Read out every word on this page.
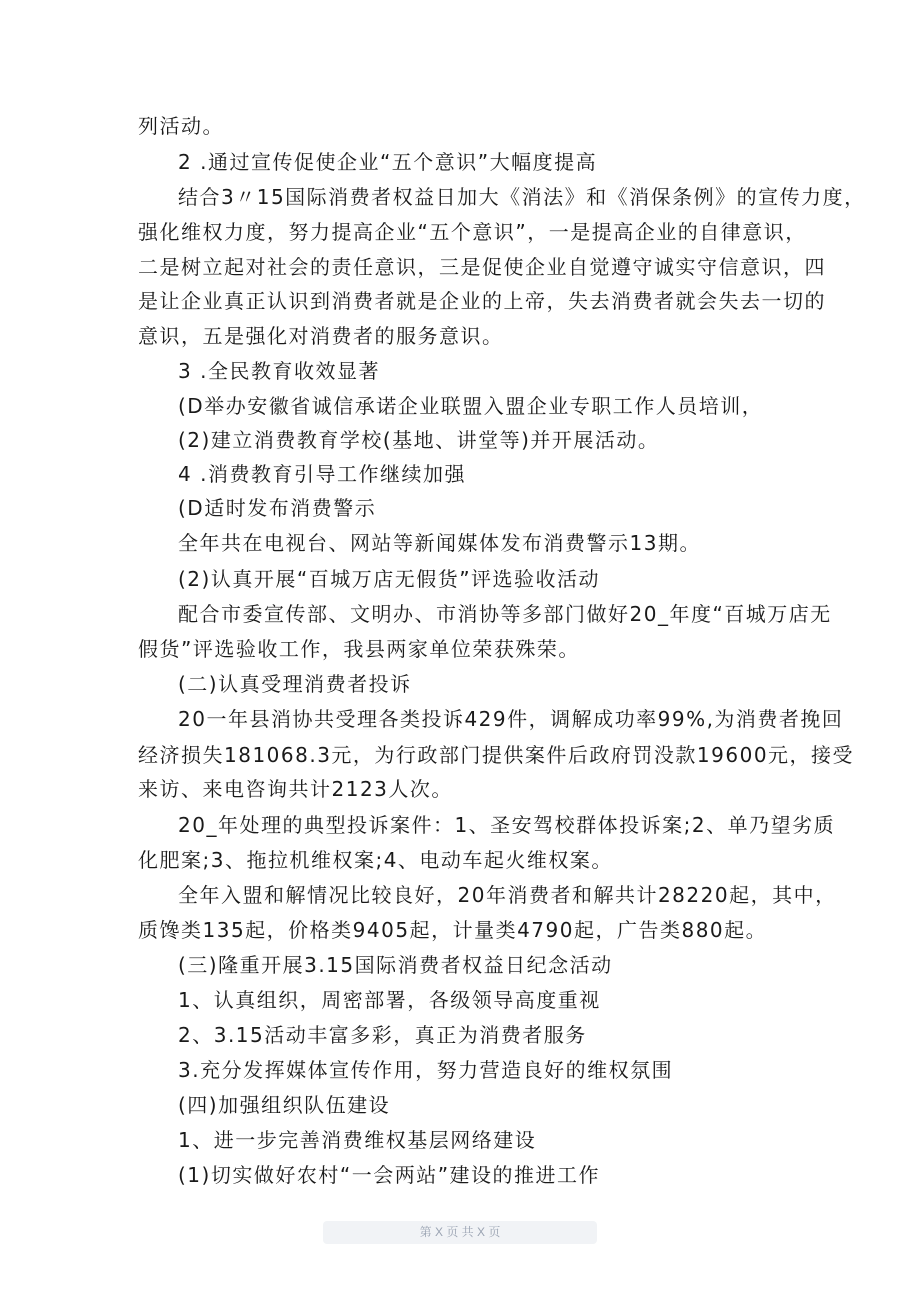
列活动。
2 .通过宣传促使企业“五个意识”大幅度提高
结合3〃15国际消费者权益日加大《消法》和《消保条例》的宣传力度，
强化维权力度，努力提高企业“五个意识”，一是提高企业的自律意识，
二是树立起对社会的责任意识，三是促使企业自觉遵守诚实守信意识，四
是让企业真正认识到消费者就是企业的上帝，失去消费者就会失去一切的
意识，五是强化对消费者的服务意识。
3 .全民教育收效显著
(D举办安徽省诚信承诺企业联盟入盟企业专职工作人员培训，
(2)建立消费教育学校(基地、讲堂等)并开展活动。
4 .消费教育引导工作继续加强
(D适时发布消费警示
全年共在电视台、网站等新闻媒体发布消费警示13期。
(2)认真开展“百城万店无假货”评选验收活动
配合市委宣传部、文明办、市消协等多部门做好20_年度“百城万店无
假货”评选验收工作，我县两家单位荣获殊荣。
(二)认真受理消费者投诉
20一年县消协共受理各类投诉429件，调解成功率99%,为消费者挽回
经济损失181068.3元，为行政部门提供案件后政府罚没款19600元，接受
来访、来电咨询共计2123人次。
20_年处理的典型投诉案件：1、圣安驾校群体投诉案;2、单乃望劣质
化肥案;3、拖拉机维权案;4、电动车起火维权案。
全年入盟和解情况比较良好，20年消费者和解共计28220起，其中，
质馋类135起，价格类9405起，计量类4790起，广告类880起。
(三)隆重开展3.15国际消费者权益日纪念活动
1、认真组织，周密部署，各级领导高度重视
2、3.15活动丰富多彩，真正为消费者服务
3.充分发挥媒体宣传作用，努力营造良好的维权氛围
(四)加强组织队伍建设
1、进一步完善消费维权基层网络建设
(1)切实做好农村“一会两站”建设的推进工作
第 X 页 共 X 页
